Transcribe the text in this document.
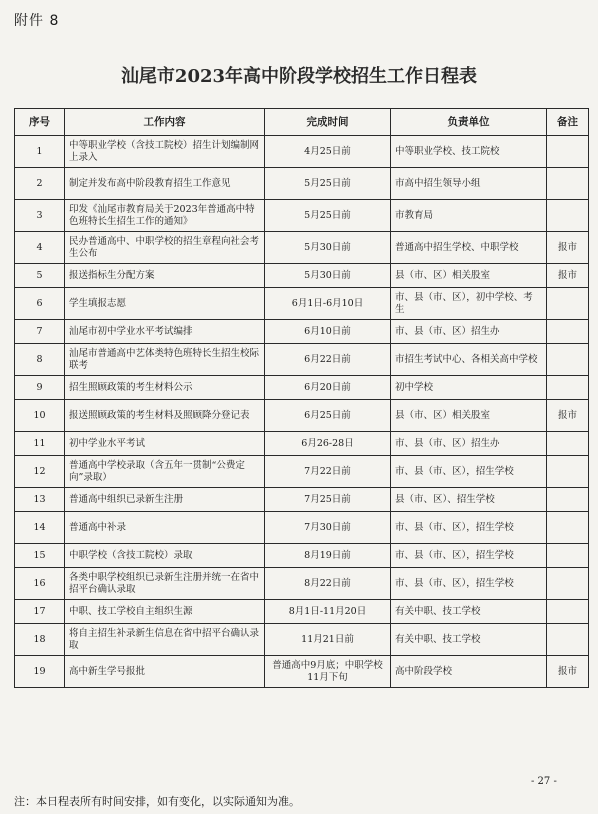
附件 8
汕尾市2023年高中阶段学校招生工作日程表
序号	工作内容	完成时间	负责单位	备注
1	中等职业学校（含技工院校）招生计划编制网上录入	4月25日前	中等职业学校、技工院校	
2	制定并发布高中阶段教育招生工作意见	5月25日前	市高中招生领导小组	
3	印发《汕尾市教育局关于2023年普通高中特色班特长生招生工作的通知》	5月25日前	市教育局	
4	民办普通高中、中职学校的招生章程向社会考生公布	5月30日前	普通高中招生学校、中职学校	报市
5	报送指标生分配方案	5月30日前	县（市、区）相关股室	报市
6	学生填报志愿	6月1日-6月10日	市、县（市、区），初中学校、考生	
7	汕尾市初中学业水平考试编排	6月10日前	市、县（市、区）招生办	
8	汕尾市普通高中艺体类特色班特长生招生校际联考	6月22日前	市招生考试中心、各相关高中学校	
9	招生照顾政策的考生材料公示	6月20日前	初中学校	
10	报送照顾政策的考生材料及照顾降分登记表	6月25日前	县（市、区）相关股室	报市
11	初中学业水平考试	6月26-28日	市、县（市、区）招生办	
12	普通高中学校录取（含五年一贯制“公费定向”录取）	7月22日前	市、县（市、区），招生学校	
13	普通高中组织已录新生注册	7月25日前	县（市、区）、招生学校	
14	普通高中补录	7月30日前	市、县（市、区），招生学校	
15	中职学校（含技工院校）录取	8月19日前	市、县（市、区），招生学校	
16	各类中职学校组织已录新生注册并统一在省中招平台确认录取	8月22日前	市、县（市、区），招生学校	
17	中职、技工学校自主组织生源	8月1日-11月20日	有关中职、技工学校	
18	将自主招生补录新生信息在省中招平台确认录取	11月21日前	有关中职、技工学校	
19	高中新生学号报批	普通高中9月底；中职学校11月下旬	高中阶段学校	报市
- 27 -
注：本日程表所有时间安排，如有变化，以实际通知为准。
